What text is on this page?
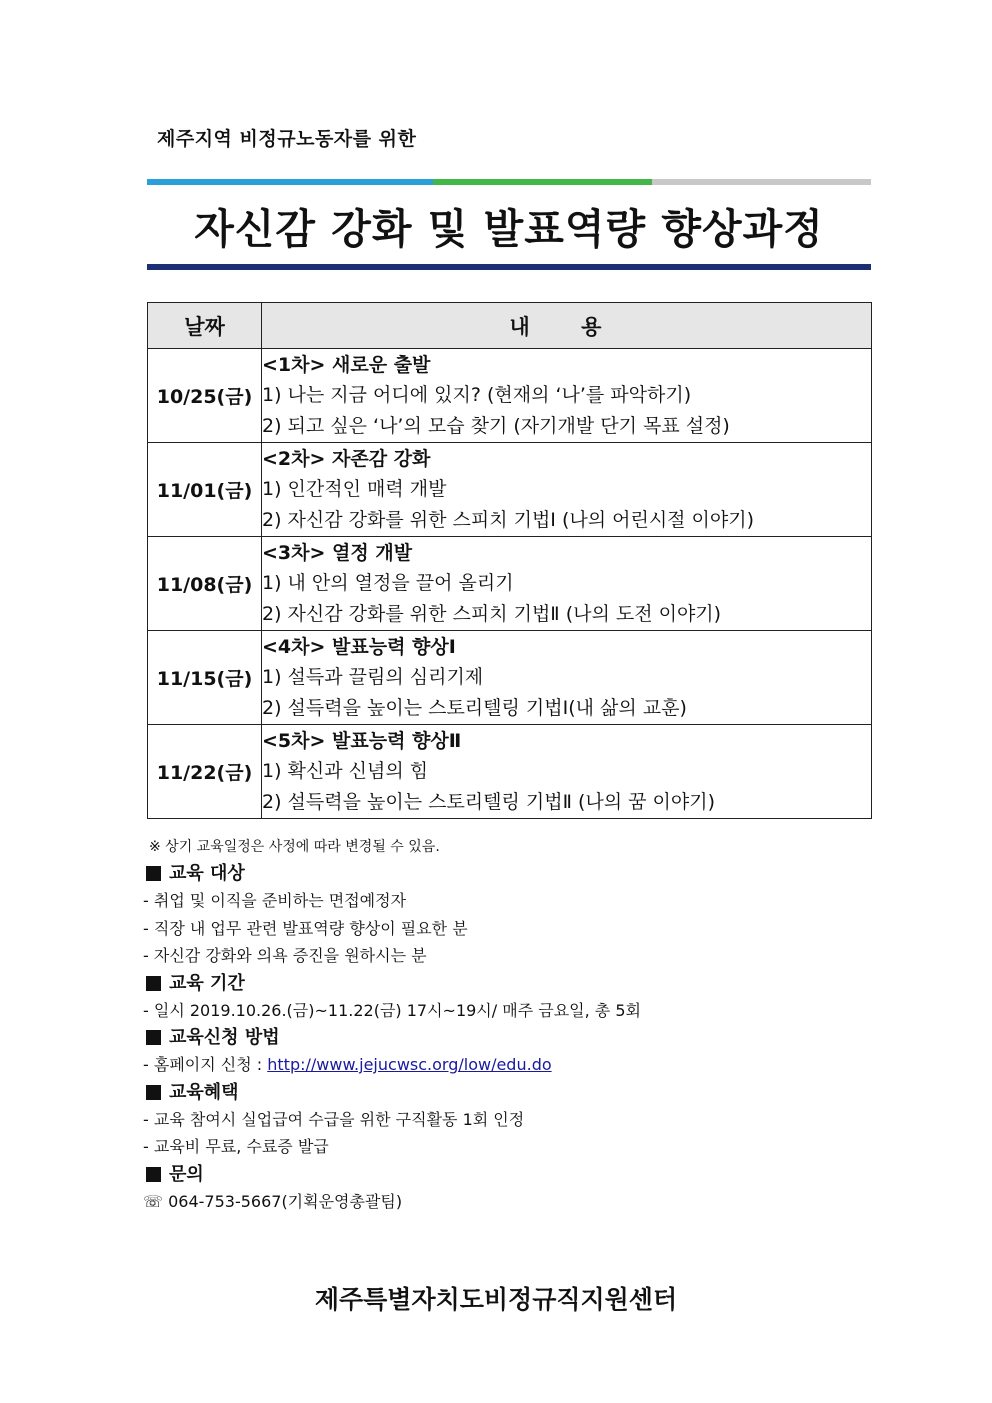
제주지역 비정규노동자를 위한
자신감 강화 및 발표역량 향상과정
날짜	내 용
10/25(금)	<1차> 새로운 출발
1) 나는 지금 어디에 있지? (현재의 ‘나’를 파악하기)
2) 되고 싶은 ‘나’의 모습 찾기 (자기개발 단기 목표 설정)

11/01(금)	<2차> 자존감 강화
1) 인간적인 매력 개발
2) 자신감 강화를 위한 스피치 기법Ⅰ (나의 어린시절 이야기)

11/08(금)	<3차> 열정 개발
1) 내 안의 열정을 끌어 올리기
2) 자신감 강화를 위한 스피치 기법Ⅱ (나의 도전 이야기)

11/15(금)	<4차> 발표능력 향상Ⅰ
1) 설득과 끌림의 심리기제
2) 설득력을 높이는 스토리텔링 기법Ⅰ(내 삶의 교훈)

11/22(금)	<5차> 발표능력 향상Ⅱ
1) 확신과 신념의 힘
2) 설득력을 높이는 스토리텔링 기법Ⅱ (나의 꿈 이야기)
※ 상기 교육일정은 사정에 따라 변경될 수 있음.
교육 대상
- 취업 및 이직을 준비하는 면접예정자
- 직장 내 업무 관련 발표역량 향상이 필요한 분
- 자신감 강화와 의욕 증진을 원하시는 분
교육 기간
- 일시 2019.10.26.(금)~11.22(금) 17시~19시/ 매주 금요일, 총 5회
교육신청 방법
- 홈페이지 신청 : http://www.jejucwsc.org/low/edu.do
교육혜택
- 교육 참여시 실업급여 수급을 위한 구직활동 1회 인정
- 교육비 무료, 수료증 발급
문의
☏ 064-753-5667(기획운영총괄팀)
제주특별자치도비정규직지원센터
